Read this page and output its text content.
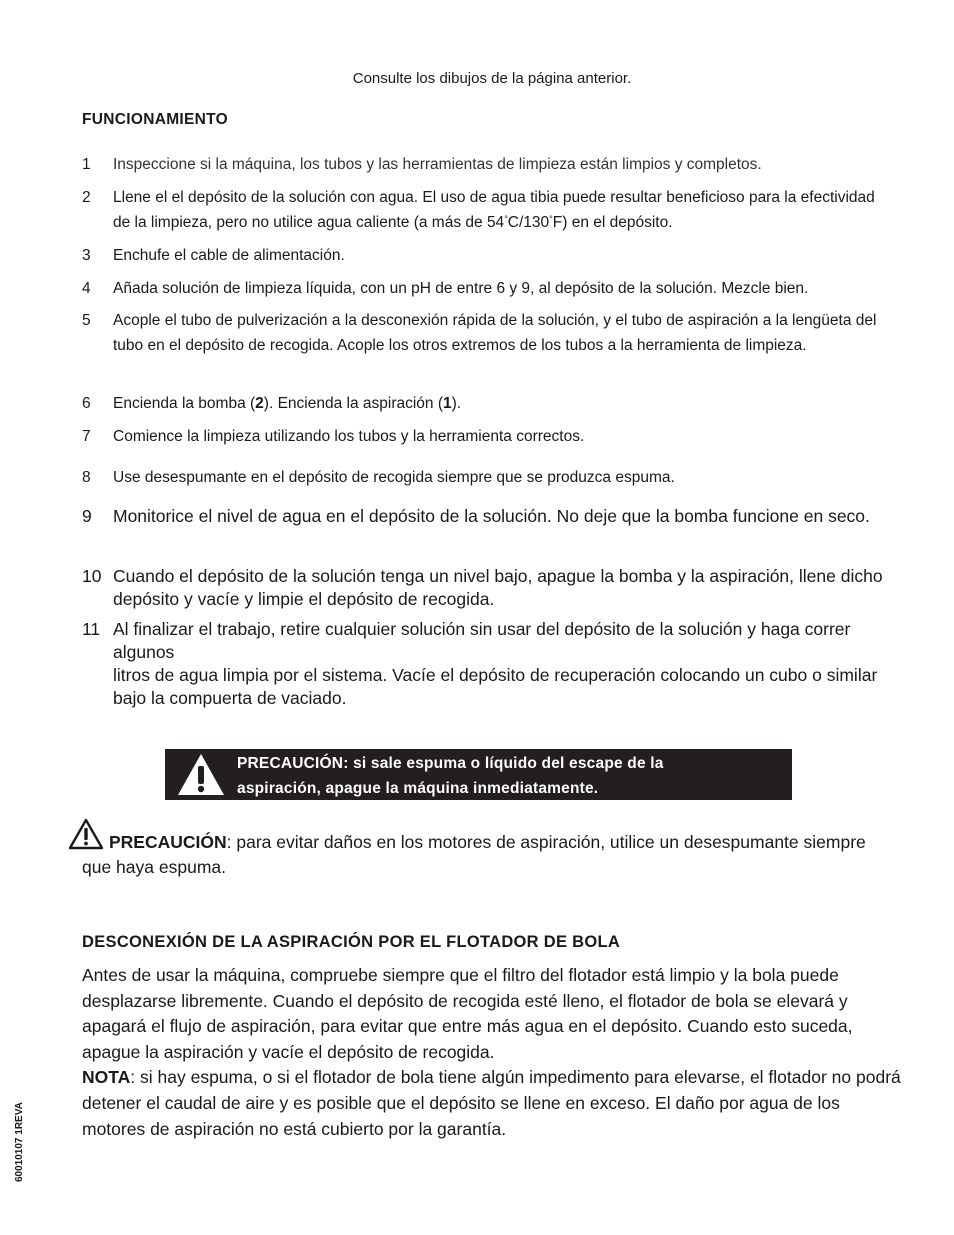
Consulte los dibujos de la página anterior.
FUNCIONAMIENTO
1 Inspeccione si la máquina, los tubos y las herramientas de limpieza están limpios y completos.
2 Llene el el depósito de la solución con agua. El uso de agua tibia puede resultar beneficioso para la efectividad de la limpieza, pero no utilice agua caliente (a más de 54°C/130°F) en el depósito.
3 Enchufe el cable de alimentación.
4 Añada solución de limpieza líquida, con un pH de entre 6 y 9, al depósito de la solución. Mezcle bien.
5 Acople el tubo de pulverización a la desconexión rápida de la solución, y el tubo de aspiración a la lengüeta del tubo en el depósito de recogida. Acople los otros extremos de los tubos a la herramienta de limpieza.
6 Encienda la bomba (2). Encienda la aspiración (1).
7 Comience la limpieza utilizando los tubos y la herramienta correctos.
8 Use desespumante en el depósito de recogida siempre que se produzca espuma.
9 Monitorice el nivel de agua en el depósito de la solución. No deje que la bomba funcione en seco.
10 Cuando el depósito de la solución tenga un nivel bajo, apague la bomba y la aspiración, llene dicho depósito y vacíe y limpie el depósito de recogida.
11 Al finalizar el trabajo, retire cualquier solución sin usar del depósito de la solución y haga correr algunos
litros de agua limpia por el sistema. Vacíe el depósito de recuperación colocando un cubo o similar bajo la compuerta de vaciado.
PRECAUCIÓN: si sale espuma o líquido del escape de la
aspiración, apague la máquina inmediatamente.
PRECAUCIÓN: para evitar daños en los motores de aspiración, utilice un desespumante siempre que haya espuma.
DESCONEXIÓN DE LA ASPIRACIÓN POR EL FLOTADOR DE BOLA
Antes de usar la máquina, compruebe siempre que el filtro del flotador está limpio y la bola puede desplazarse libremente. Cuando el depósito de recogida esté lleno, el flotador de bola se elevará y apagará el flujo de aspiración, para evitar que entre más agua en el depósito. Cuando esto suceda, apague la aspiración y vacíe el depósito de recogida.
NOTA: si hay espuma, o si el flotador de bola tiene algún impedimento para elevarse, el flotador no podrá detener el caudal de aire y es posible que el depósito se llene en exceso. El daño por agua de los motores de aspiración no está cubierto por la garantía.
60010107 1REVA
